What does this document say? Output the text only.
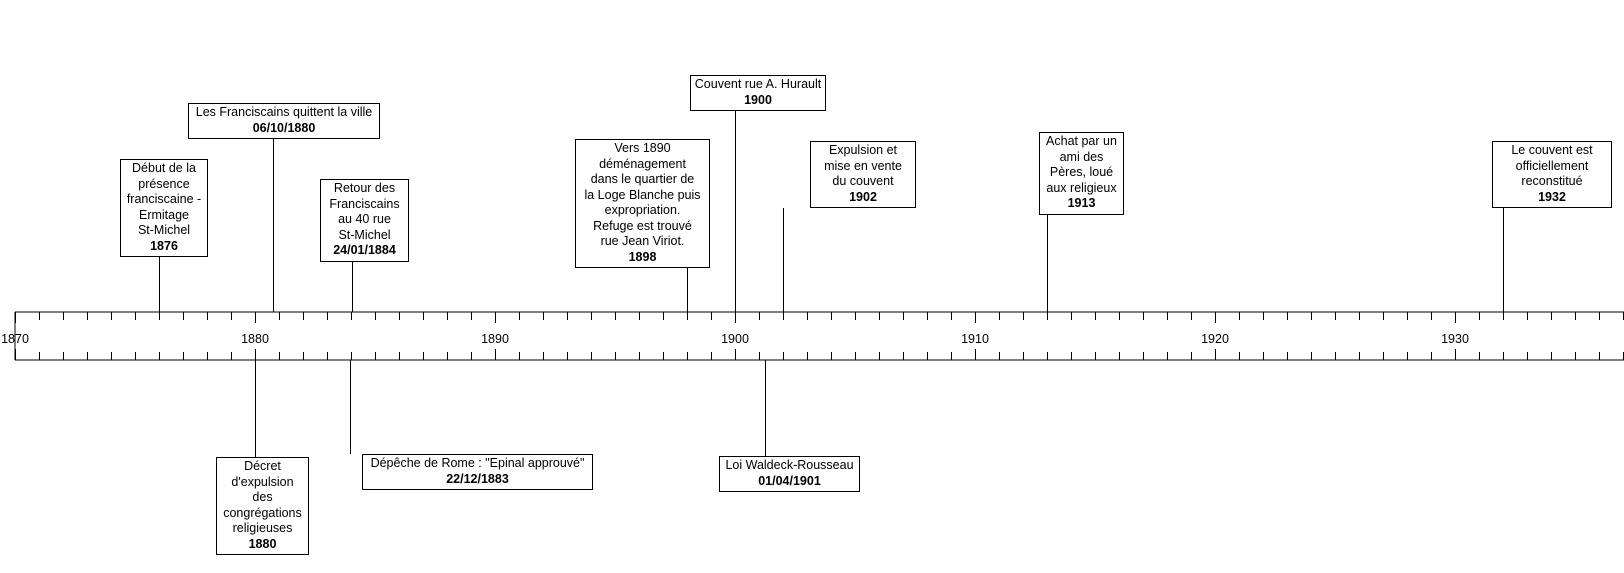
1870	1880	1890	1900	1910	1920	1930
Début de la
présence
franciscaine -
Ermitage
St-Michel
1876
Les Franciscains quittent la ville
06/10/1880
Retour des
Franciscains
au 40 rue
St-Michel
24/01/1884
Vers 1890
déménagement
dans le quartier de
la Loge Blanche puis
expropriation.
Refuge est trouvé
rue Jean Viriot.
1898
Couvent rue A. Hurault
1900
Expulsion et
mise en vente
du couvent
1902
Achat par un
ami des
Pères, loué
aux religieux
1913
Le couvent est
officiellement
reconstitué
1932
Décret
d'expulsion
des
congrégations
religieuses
1880
Dépêche de Rome : "Epinal approuvé"
22/12/1883
Loi Waldeck-Rousseau
01/04/1901
